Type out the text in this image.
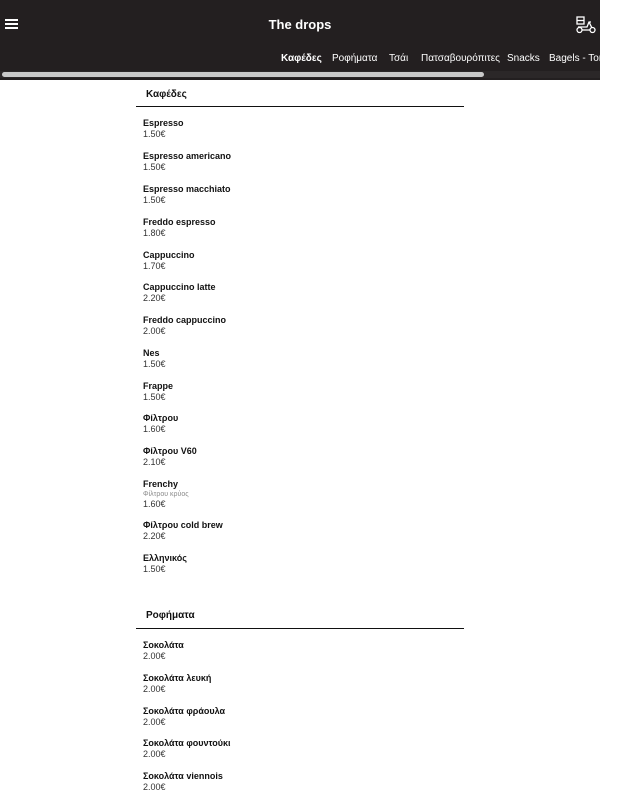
The drops
Καφέδες Ροφήματα Τσάι Πατσαβουρόπιτες Snacks Bagels - Tortillas
Καφέδες
Espresso
1.50€
Espresso americano
1.50€
Espresso macchiato
1.50€
Freddo espresso
1.80€
Cappuccino
1.70€
Cappuccino latte
2.20€
Freddo cappuccino
2.00€
Nes
1.50€
Frappe
1.50€
Φίλτρου
1.60€
Φίλτρου V60
2.10€
Frenchy
Φίλτρου κρύος
1.60€
Φίλτρου cold brew
2.20€
Ελληνικός
1.50€
Ροφήματα
Σοκολάτα
2.00€
Σοκολάτα λευκή
2.00€
Σοκολάτα φράουλα
2.00€
Σοκολάτα φουντούκι
2.00€
Σοκολάτα viennois
2.00€
